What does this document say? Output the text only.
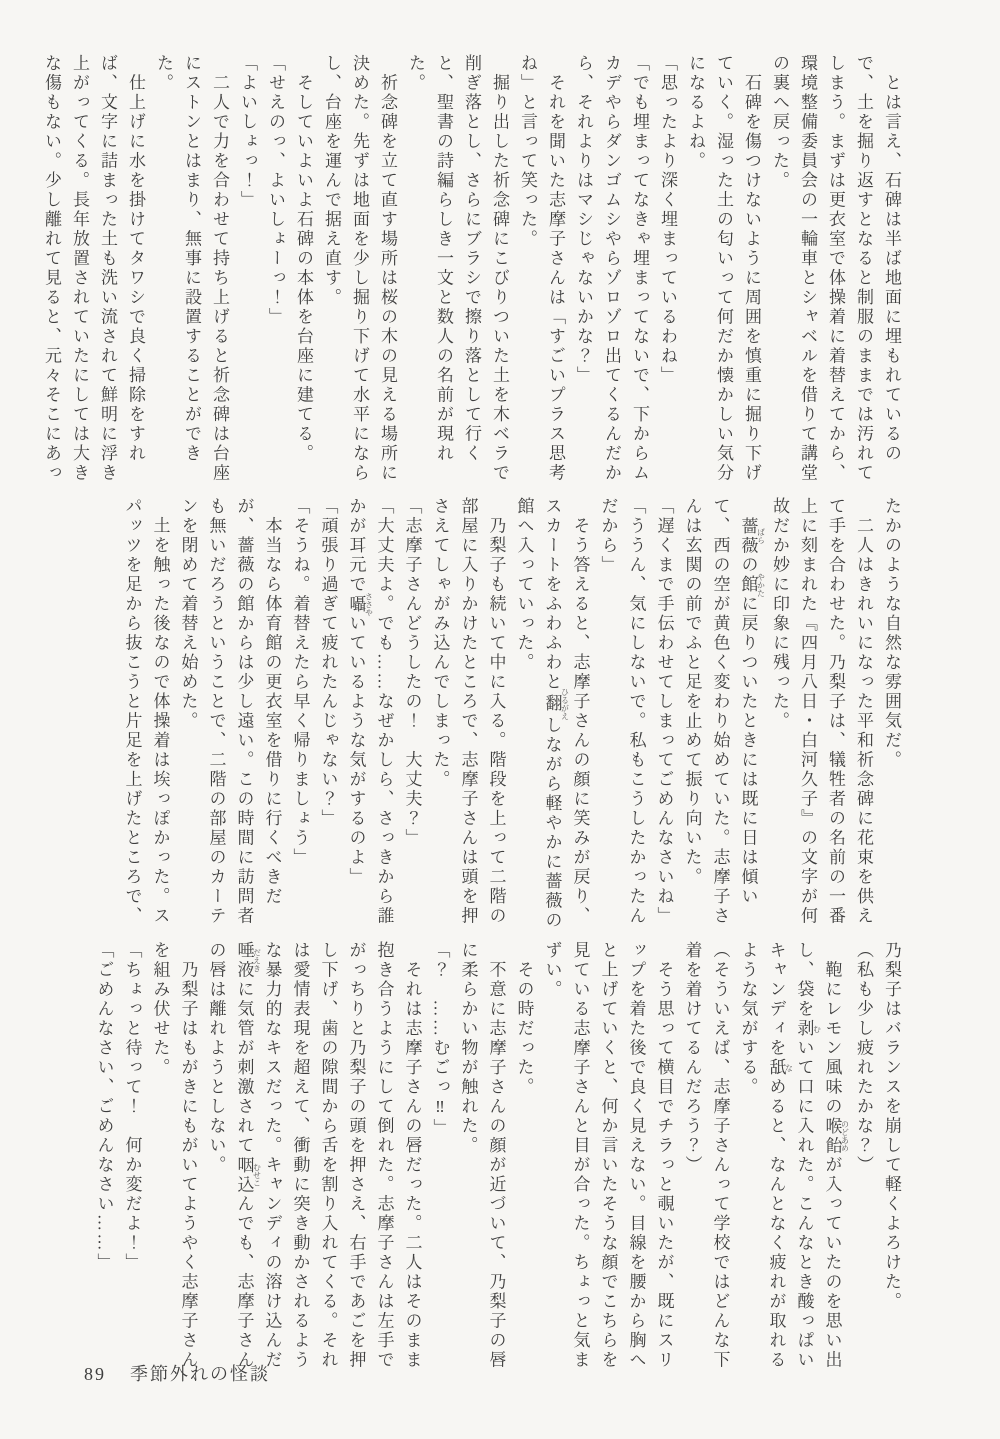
　とは言え、石碑は半ば地面に埋もれているので、土を掘り返すとなると制服のままでは汚れてしまう。まずは更衣室で体操着に着替えてから、環境整備委員会の一輪車とシャベルを借りて講堂の裏へ戻った。

　石碑を傷つけないように周囲を慎重に掘り下げていく。湿った土の匂いって何だか懐かしい気分になるよね。

「思ったより深く埋まっているわね」

「でも埋まってなきゃ埋まってないで、下からムカデやらダンゴムシやらゾロゾロ出てくるんだから、それよりはマシじゃないかな？」

　それを聞いた志摩子さんは「すごいプラス思考ね」と言って笑った。

　掘り出した祈念碑にこびりついた土を木ベラで削ぎ落とし、さらにブラシで擦り落として行くと、聖書の詩編らしき一文と数人の名前が現れた。

　祈念碑を立て直す場所は桜の木の見える場所に決めた。先ずは地面を少し掘り下げて水平にならし、台座を運んで据え直す。

　そしていよいよ石碑の本体を台座に建てる。

「せえのっ、よいしょーっ！」

「よいしょっ！」

　二人で力を合わせて持ち上げると祈念碑は台座にストンとはまり、無事に設置することができた。

　仕上げに水を掛けてタワシで良く掃除をすれば、文字に詰まった土も洗い流されて鮮明に浮き上がってくる。長年放置されていたにしては大きな傷もない。少し離れて見ると、元々そこにあっ

たかのような自然な雰囲気だ。

　二人はきれいになった平和祈念碑に花束を供えて手を合わせた。乃梨子は、犠牲者の名前の一番上に刻まれた『四月八日・白河久子』の文字が何故だか妙に印象に残った。

　薔薇 ばらの館 やかたに戻りついたときには既に日は傾いて、西の空が黄色く変わり始めていた。志摩子さんは玄関の前でふと足を止めて振り向いた。

「遅くまで手伝わせてしまってごめんなさいね」

「ううん、気にしないで。私もこうしたかったんだから」

　そう答えると、志摩子さんの顔に笑みが戻り、スカートをふわふわと翻 ひるがえしながら軽やかに薔薇の館へ入っていった。

　乃梨子も続いて中に入る。階段を上って二階の部屋に入りかけたところで、志摩子さんは頭を押さえてしゃがみ込んでしまった。

「志摩子さんどうしたの！　大丈夫？」

「大丈夫よ。でも……なぜかしら、さっきから誰かが耳元で囁 ささやいているような気がするのよ」

「頑張り過ぎて疲れたんじゃない？」

「そうね。着替えたら早く帰りましょう」

　本当なら体育館の更衣室を借りに行くべきだが、薔薇の館からは少し遠い。この時間に訪問者も無いだろうということで、二階の部屋のカーテンを閉めて着替え始めた。

　土を触った後なので体操着は埃っぽかった。スパッツを足から抜こうと片足を上げたところで、

乃梨子はバランスを崩して軽くよろけた。

（私も少し疲れたかな？）

　鞄にレモン風味の喉飴 のどあめが入っていたのを思い出し、袋を剥 むいて口に入れた。こんなとき酸っぱいキャンディを舐 なめると、なんとなく疲れが取れるような気がする。

（そういえば、志摩子さんって学校ではどんな下着を着けてるんだろう？）

　そう思って横目でチラっと覗いたが、既にスリップを着た後で良く見えない。目線を腰から胸へと上げていくと、何か言いたそうな顔でこちらを見ている志摩子さんと目が合った。ちょっと気まずい。

　その時だった。

　不意に志摩子さんの顔が近づいて、乃梨子の唇に柔らかい物が触れた。

「？　……むごっ‼」

　それは志摩子さんの唇だった。二人はそのまま抱き合うようにして倒れた。志摩子さんは左手でがっちりと乃梨子の頭を押さえ、右手であごを押し下げ、歯の隙間から舌を割り入れてくる。それは愛情表現を超えて、衝動に突き動かされるような暴力的なキスだった。キャンディの溶け込んだ唾液 だえきに気管が刺激されて咽込 むせこんでも、志摩子さんの唇は離れようとしない。

　乃梨子はもがきにもがいてようやく志摩子さんを組み伏せた。

「ちょっと待って！　何か変だよ！」

「ごめんなさい、ごめんなさい……」

89 季節外れの怪談
